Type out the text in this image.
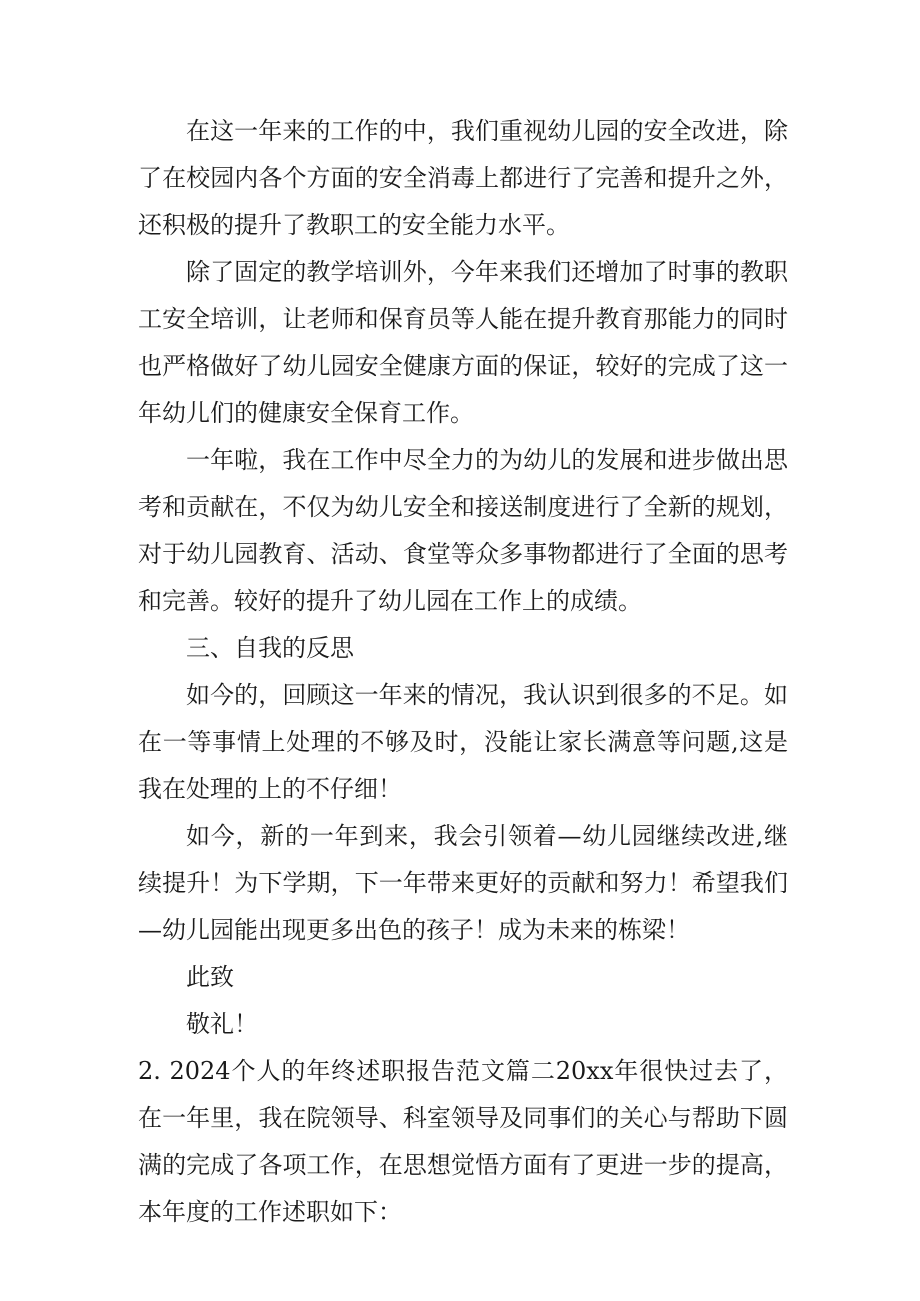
在这一年来的工作的中，我们重视幼儿园的安全改进，除了在校园内各个方面的安全消毒上都进行了完善和提升之外，还积极的提升了教职工的安全能力水平。

除了固定的教学培训外，今年来我们还增加了时事的教职工安全培训，让老师和保育员等人能在提升教育那能力的同时也严格做好了幼儿园安全健康方面的保证，较好的完成了这一年幼儿们的健康安全保育工作。

一年啦，我在工作中尽全力的为幼儿的发展和进步做出思考和贡献在，不仅为幼儿安全和接送制度进行了全新的规划，对于幼儿园教育、活动、食堂等众多事物都进行了全面的思考和完善。较好的提升了幼儿园在工作上的成绩。

三、自我的反思

如今的，回顾这一年来的情况，我认识到很多的不足。如在一等事情上处理的不够及时，没能让家长满意等问题,这是我在处理的上的不仔细！

如今，新的一年到来，我会引领着—幼儿园继续改进,继续提升！为下学期，下一年带来更好的贡献和努力！希望我们—幼儿园能出现更多出色的孩子！成为未来的栋梁！

此致

敬礼！

2. 2024个人的年终述职报告范文篇二20xx年很快过去了，在一年里，我在院领导、科室领导及同事们的关心与帮助下圆满的完成了各项工作，在思想觉悟方面有了更进一步的提高，本年度的工作述职如下：
